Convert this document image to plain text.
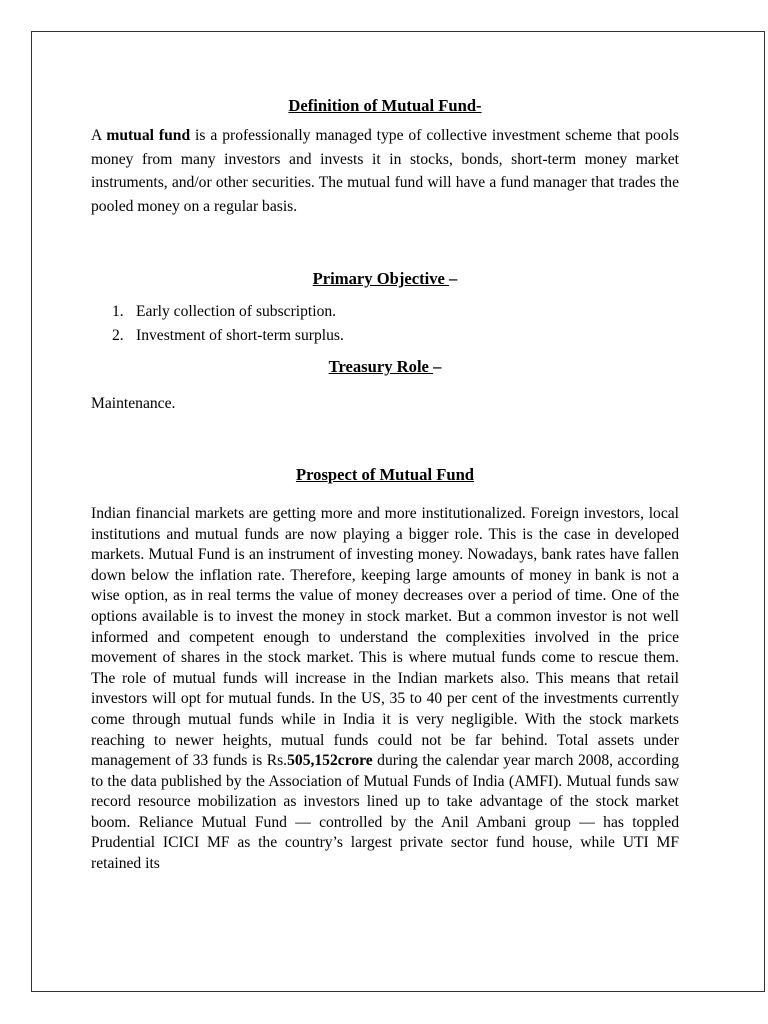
Definition of Mutual Fund-

A mutual fund is a professionally managed type of collective investment scheme that pools money from many investors and invests it in stocks, bonds, short-term money market instruments, and/or other securities. The mutual fund will have a fund manager that trades the pooled money on a regular basis.

Primary Objective –
1. Early collection of subscription.
2. Investment of short-term surplus.
Treasury Role –

Maintenance.

Prospect of Mutual Fund

Indian financial markets are getting more and more institutionalized. Foreign investors, local institutions and mutual funds are now playing a bigger role. This is the case in developed markets. Mutual Fund is an instrument of investing money. Nowadays, bank rates have fallen down below the inflation rate. Therefore, keeping large amounts of money in bank is not a wise option, as in real terms the value of money decreases over a period of time. One of the options available is to invest the money in stock market. But a common investor is not well informed and competent enough to understand the complexities involved in the price movement of shares in the stock market. This is where mutual funds come to rescue them. The role of mutual funds will increase in the Indian markets also. This means that retail investors will opt for mutual funds. In the US, 35 to 40 per cent of the investments currently come through mutual funds while in India it is very negligible. With the stock markets reaching to newer heights, mutual funds could not be far behind. Total assets under management of 33 funds is Rs.505,152crore during the calendar year march 2008, according to the data published by the Association of Mutual Funds of India (AMFI). Mutual funds saw record resource mobilization as investors lined up to take advantage of the stock market boom. Reliance Mutual Fund — controlled by the Anil Ambani group — has toppled Prudential ICICI MF as the country’s largest private sector fund house, while UTI MF retained its
